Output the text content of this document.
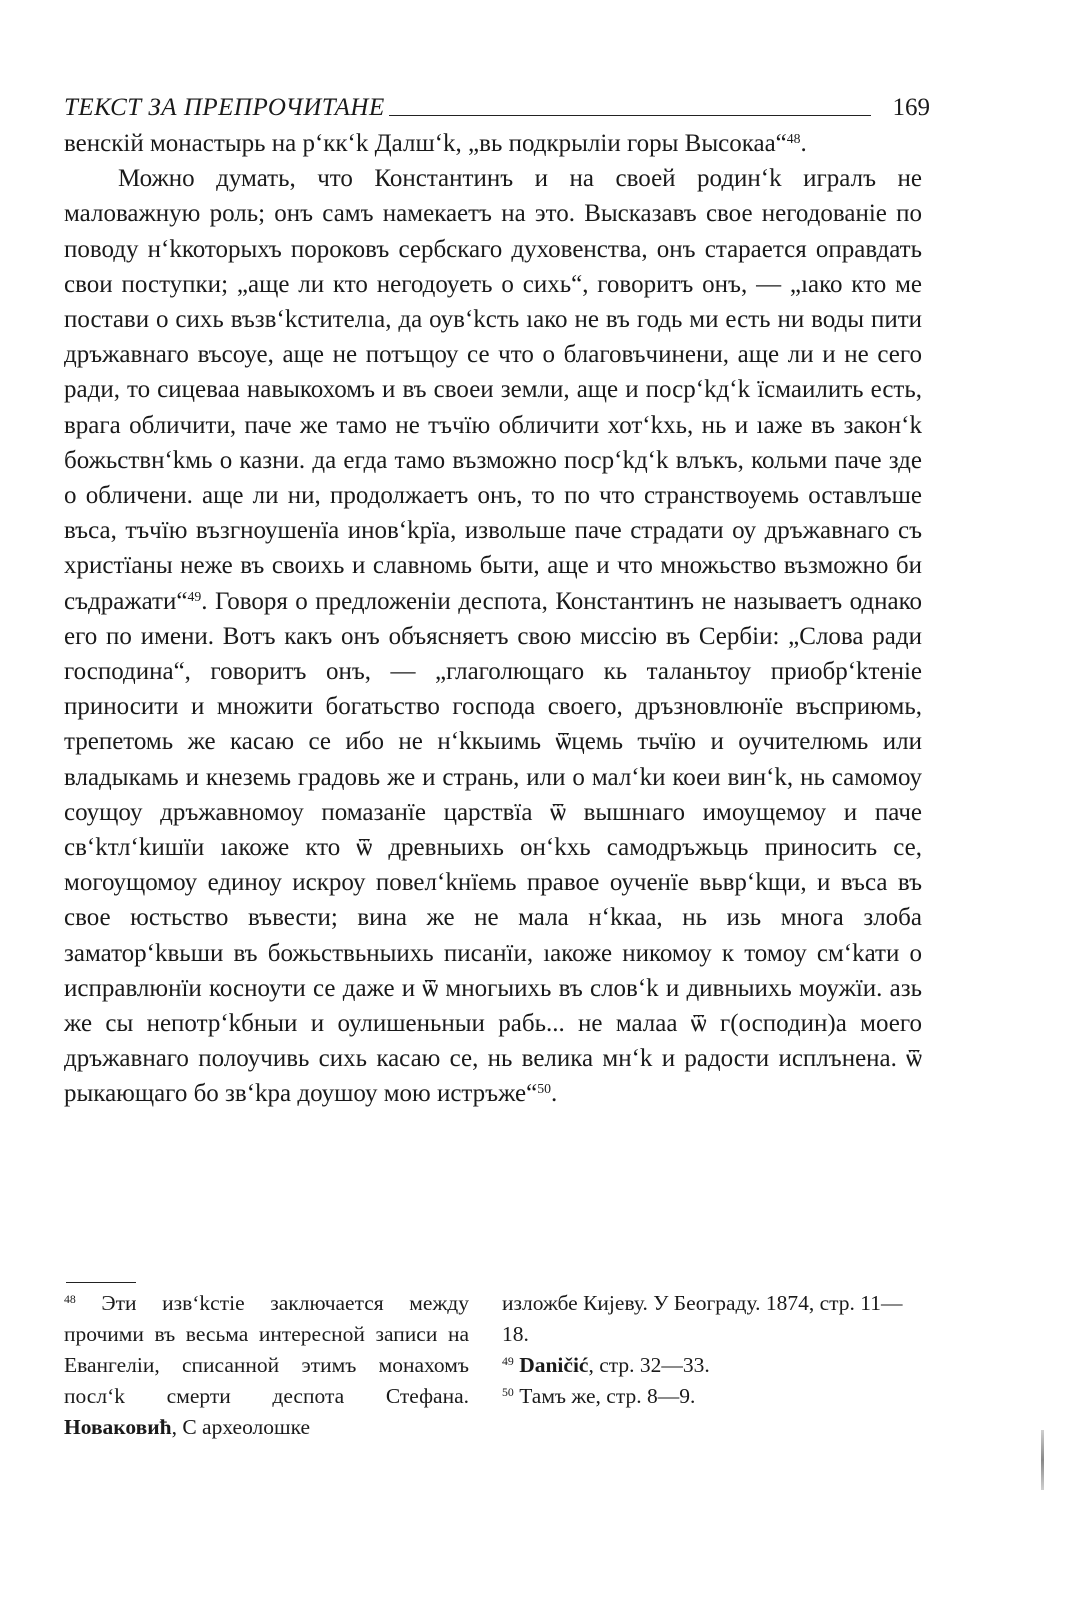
ТЕКСТ ЗА ПРЕПРОЧИТАНЕ	169

венскій монастырь на р‘кк‘k Далш‘k, „вь подкрыліи горы Высокаа“$^{48}$.

Можно думать, что Константинъ и на своей родин‘k игралъ не маловажную роль; онъ самъ намекаетъ на это. Высказавъ свое негодованіе по поводу н‘kкоторыхъ пороковъ сербскаго духовенства, онъ старается оправдать свои поступки; „аще ли кто негодоуеть о сихь“, говоритъ онъ, — „ıако кто ме постави о сихь възв‘kстителıа, да оув‘kсть ıако не въ годь ми есть ни воды пити дръжавнаго въсоуе, аще не потъщоу се что о благовъчинени, аще ли и не сего ради, то сицеваа навыкохомъ и въ своеи земли, аще и поср‘kд‘k ïсмаилить есть, врага обличити, паче же тамо не тъчïю обличити хот‘kхь, нь и ıаже въ закон‘k божьствн‘kмь о казни. да егда тамо възможно поср‘kд‘k влъкъ, кольми паче зде о обличени. аще ли ни, продолжаетъ онъ, то по что странствоуемь оставлъше въса, тъчïю възгноушенïа инов‘kрïа, извольше паче страдати оу дръжавнаго съ христïаны неже въ своихь и славномь быти, аще и что множьство възможно би съдражати“$^{49}$. Говоря о предложеніи деспота, Константинъ не называетъ однако его по имени. Вотъ какъ онъ объясняетъ свою миссію въ Сербіи: „Слова ради господина“, говоритъ онъ, — „глаголющаго кь таланьтоу приобр‘kтеніе приносити и множити богатьство господа своего, дръзновлюнïе въсприюмь, трепетомь же касаю се ибо не н‘kкыимь ѿцемь тьчïю и оучителюмь или владыкамь и кнеземь градовь же и странь, или о мал‘kи коеи вин‘k, нь самомоу соущоу дръжавномоу помазанïе царствïа ѿ вышнıаго имоущемоу и паче св‘kтл‘kишïи ıакоже кто ѿ древныихь он‘kхь самодръжьць приносить се, могоущомоу единоу искроу повел‘kнïемь правое оученïе вьвр‘kщи, и въса въ свое юстьство въвести; вина же не мала н‘kкаа, нь изь многа злоба заматор‘kвьши въ божьствьныихь писанïи, ıакоже никомоу к томоу см‘kати о исправлюнïи косноути се даже и ѿ многыихь въ слов‘k и дивныихь моужïи. азь же сы непотр‘kбныи и оулишеньныи рабь... не малаа ѿ г(осподин)а моего дръжавнаго полоучивь сихь касаю се, нь велика мн‘k и радости исплънена. ѿ рыкающаго бо зв‘kра доушоу мою истръже“$^{50}$.

$^{48}$ Эти изв‘kстіе заключается между прочими въ весьма интересной записи на Евангеліи, списанной этимъ монахомъ посл‘k смерти деспота Стефана. Новаковић, С археолошке

изложбе Кијеву. У Београду. 1874, стр. 11—18.

$^{49}$ Daničić, стр. 32—33.

$^{50}$ Тамъ же, стр. 8—9.
